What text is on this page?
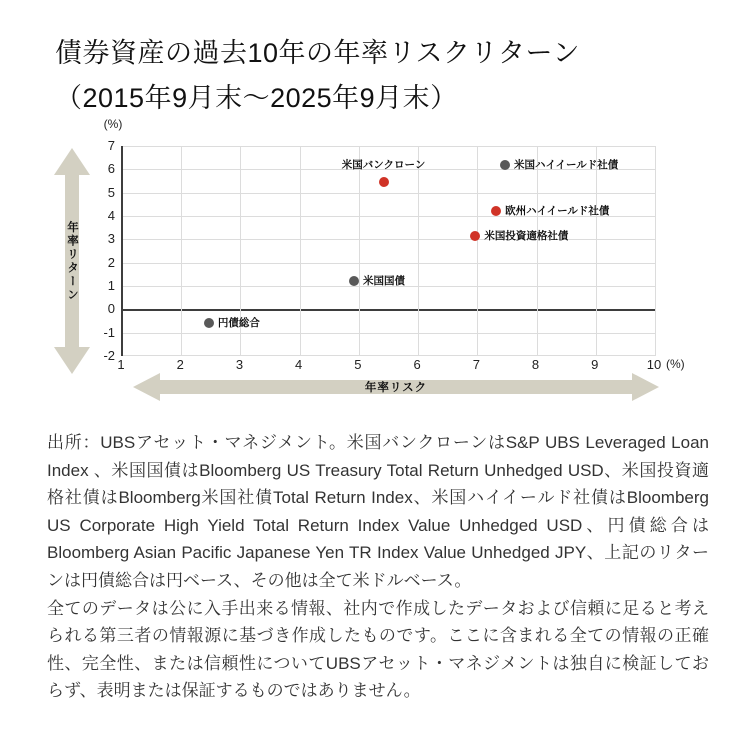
債券資産の過去10年の年率リスクリターン
（2015年9月末～2025年9月末）
(%)
(%)
年率リターン
年率リスク
米国バンクローン	米国ハイイールド社債
欧州ハイイールド社債
米国投資適格社債
米国国債
円債総合
出所：UBSアセット・マネジメント。米国バンクローンはS&P UBS Leveraged Loan Index 、米国国債はBloomberg US Treasury Total Return Unhedged USD、米国投資適格社債はBloomberg米国社債Total Return Index、米国ハイイールド社債はBloomberg US Corporate High Yield Total Return Index Value Unhedged USD、円債総合はBloomberg Asian Pacific Japanese Yen TR Index Value Unhedged JPY、上記のリターンは円債総合は円ベース、その他は全て米ドルベース。
全てのデータは公に入手出来る情報、社内で作成したデータおよび信頼に足ると考えられる第三者の情報源に基づき作成したものです。ここに含まれる全ての情報の正確性、完全性、または信頼性についてUBSアセット・マネジメントは独自に検証しておらず、表明または保証するものではありません。
7
6
5
4
3
2
1
0
-1
-2
1	2	3	4	5	6	7	8	9	10
